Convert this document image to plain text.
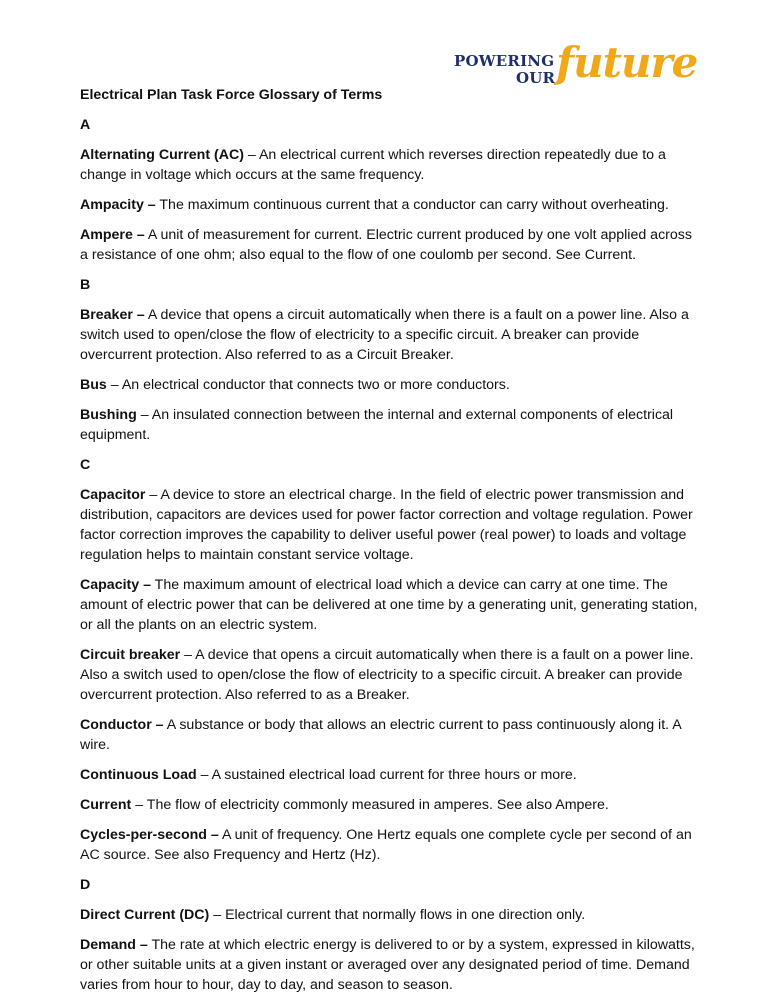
POWERING
OUR future

Electrical Plan Task Force Glossary of Terms

A

Alternating Current (AC) – An electrical current which reverses direction repeatedly due to a change in voltage which occurs at the same frequency.

Ampacity – The maximum continuous current that a conductor can carry without overheating.

Ampere – A unit of measurement for current. Electric current produced by one volt applied across a resistance of one ohm; also equal to the flow of one coulomb per second. See Current.

B

Breaker – A device that opens a circuit automatically when there is a fault on a power line. Also a switch used to open/close the flow of electricity to a specific circuit. A breaker can provide overcurrent protection. Also referred to as a Circuit Breaker.

Bus – An electrical conductor that connects two or more conductors.

Bushing – An insulated connection between the internal and external components of electrical equipment.

C

Capacitor – A device to store an electrical charge. In the field of electric power transmission and distribution, capacitors are devices used for power factor correction and voltage regulation. Power factor correction improves the capability to deliver useful power (real power) to loads and voltage regulation helps to maintain constant service voltage.

Capacity – The maximum amount of electrical load which a device can carry at one time. The amount of electric power that can be delivered at one time by a generating unit, generating station, or all the plants on an electric system.

Circuit breaker – A device that opens a circuit automatically when there is a fault on a power line. Also a switch used to open/close the flow of electricity to a specific circuit. A breaker can provide overcurrent protection. Also referred to as a Breaker.

Conductor – A substance or body that allows an electric current to pass continuously along it. A wire.

Continuous Load – A sustained electrical load current for three hours or more.

Current – The flow of electricity commonly measured in amperes. See also Ampere.

Cycles-per-second – A unit of frequency. One Hertz equals one complete cycle per second of an AC source. See also Frequency and Hertz (Hz).

D

Direct Current (DC) – Electrical current that normally flows in one direction only.

Demand – The rate at which electric energy is delivered to or by a system, expressed in kilowatts, or other suitable units at a given instant or averaged over any designated period of time. Demand varies from hour to hour, day to day, and season to season.
